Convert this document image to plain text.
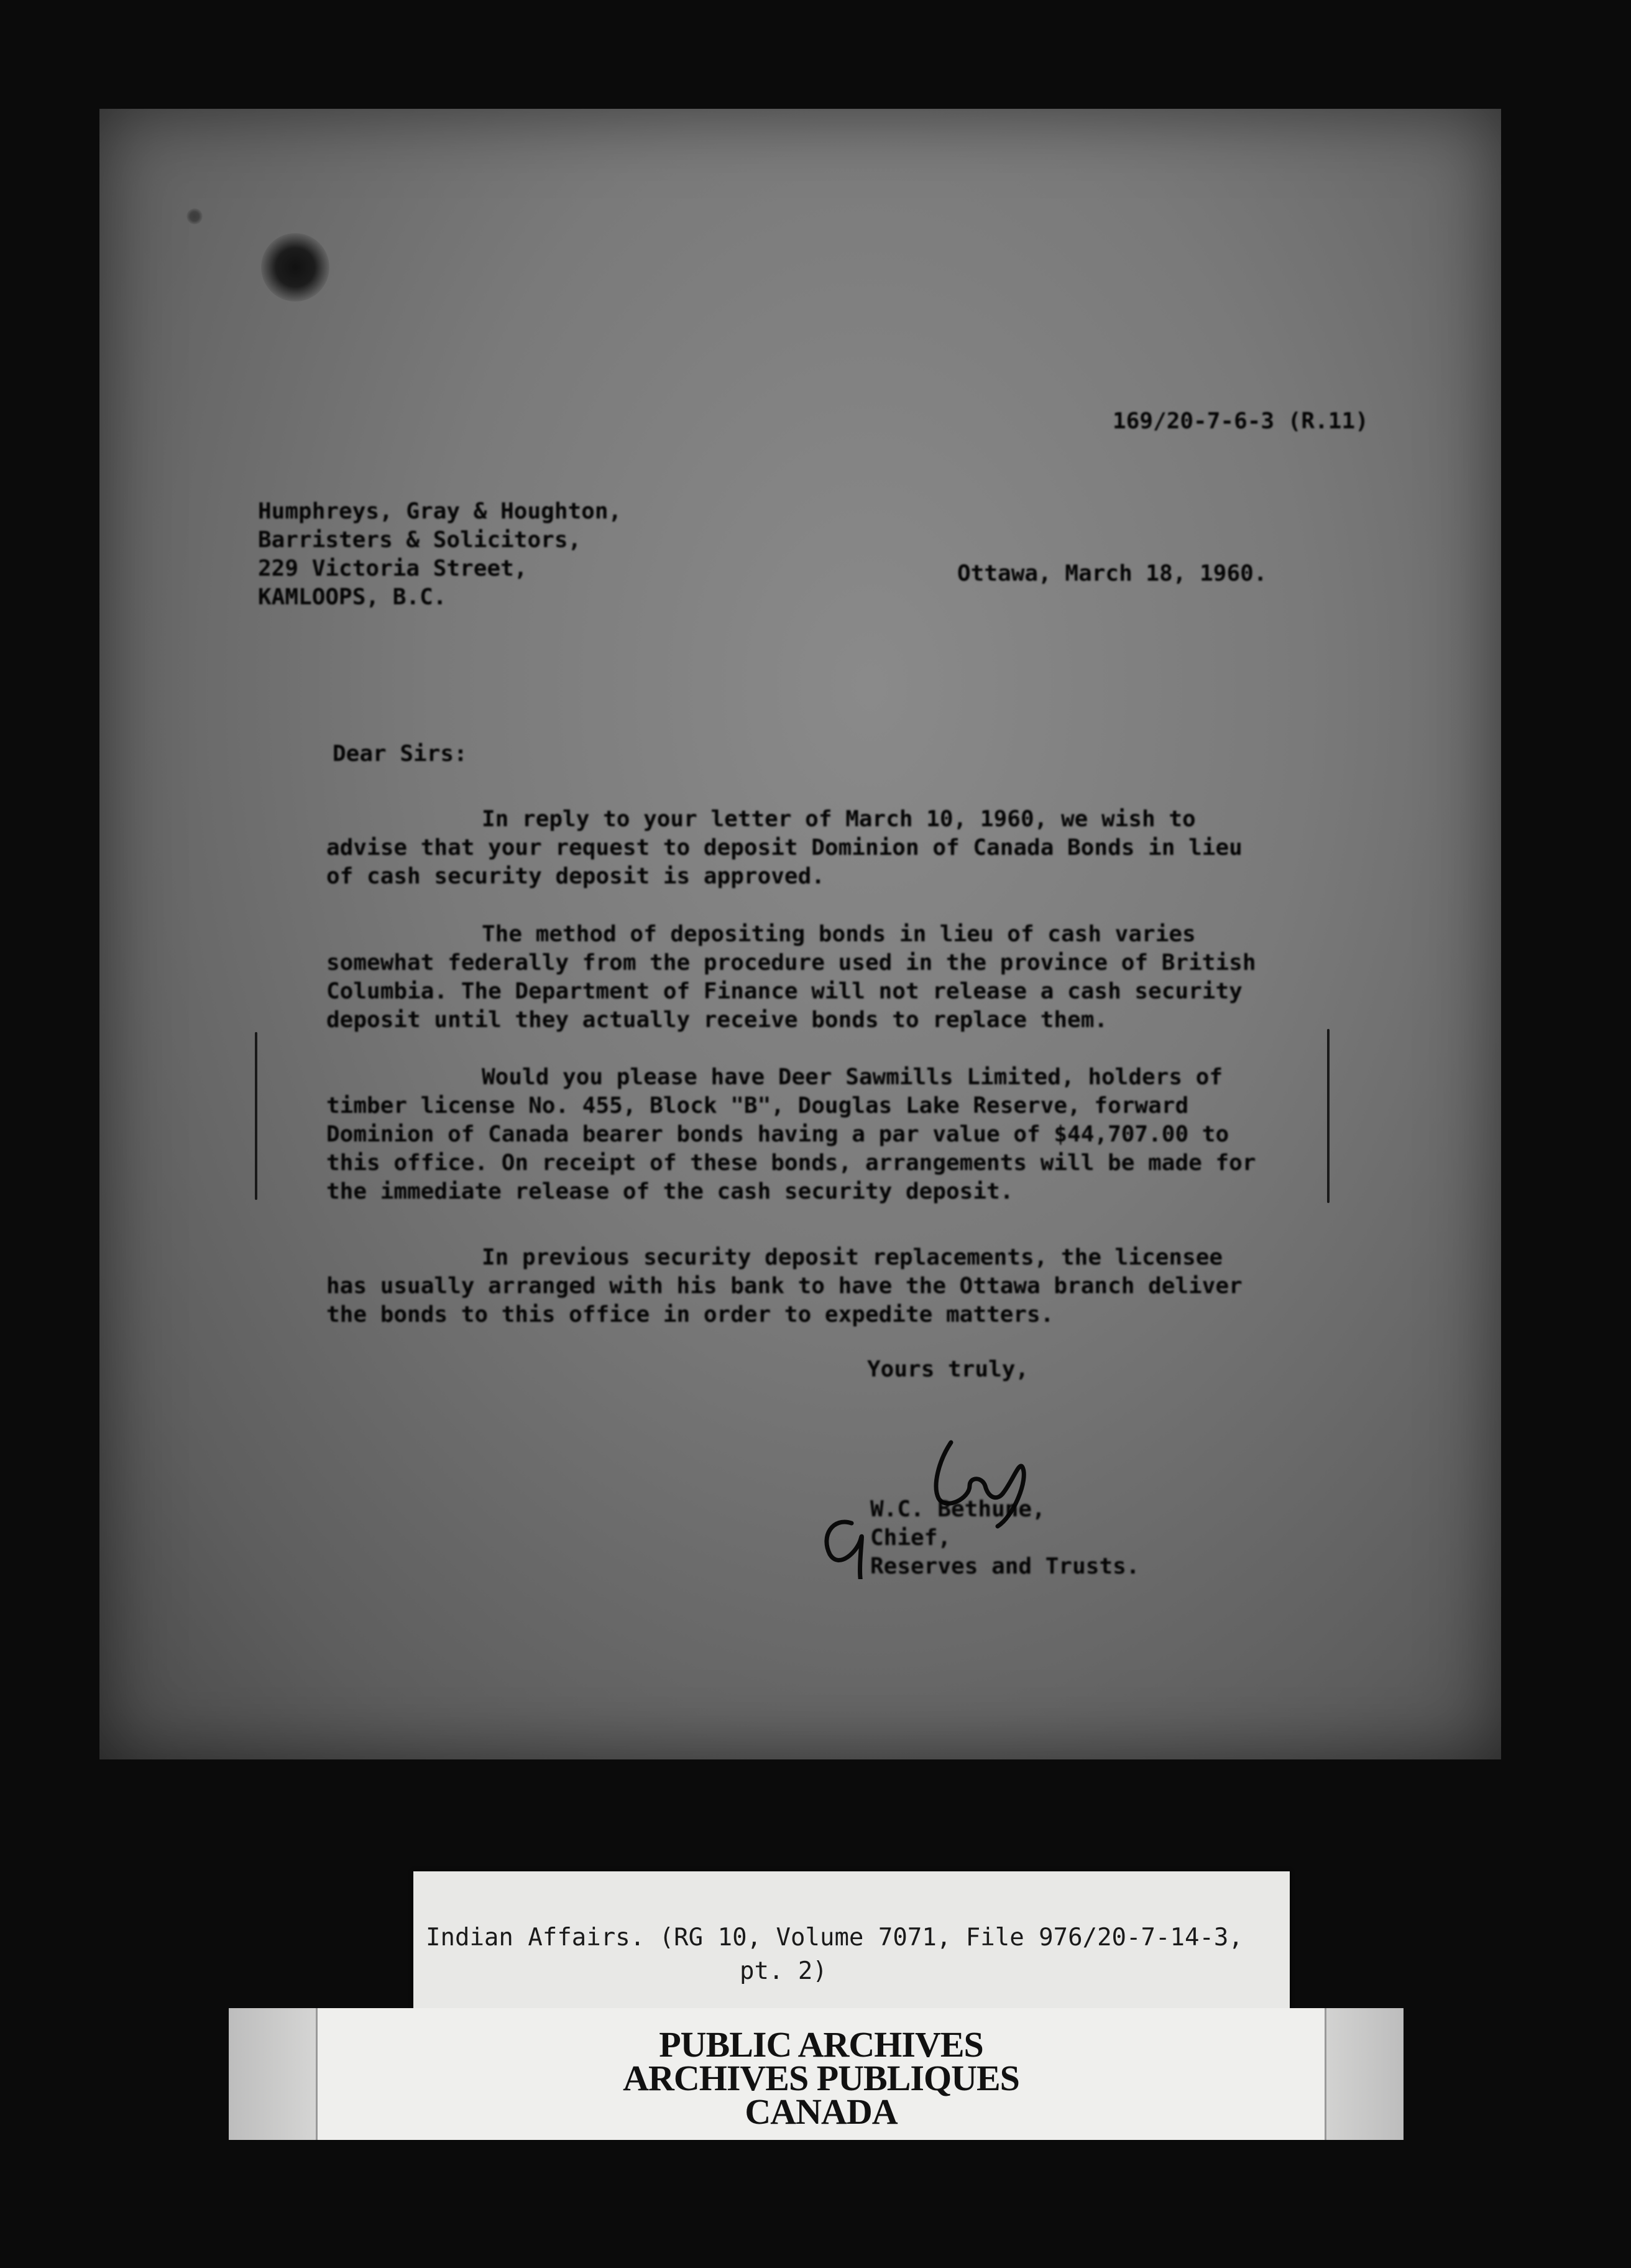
169/20-7-6-3 (R.11)

Humphreys, Gray & Houghton,

Barristers & Solicitors,

229 Victoria Street,

KAMLOOPS, B.C.

Ottawa, March 18, 1960.

Dear Sirs:

In reply to your letter of March 10, 1960, we wish to advise that your request to deposit Dominion of Canada Bonds in lieu of cash security deposit is approved.

The method of depositing bonds in lieu of cash varies somewhat federally from the procedure used in the province of British Columbia. The Department of Finance will not release a cash security deposit until they actually receive bonds to replace them.

Would you please have Deer Sawmills Limited, holders of timber license No. 455, Block "B", Douglas Lake Reserve, forward Dominion of Canada bearer bonds having a par value of $44,707.00 to this office. On receipt of these bonds, arrangements will be made for the immediate release of the cash security deposit.

In previous security deposit replacements, the licensee has usually arranged with his bank to have the Ottawa branch deliver the bonds to this office in order to expedite matters.

Yours truly,

W.C. Bethune,

Chief,

Reserves and Trusts.

Indian Affairs. (RG 10, Volume 7071, File 976/20-7-14-3,
pt. 2)

PUBLIC ARCHIVES

ARCHIVES PUBLIQUES

CANADA
